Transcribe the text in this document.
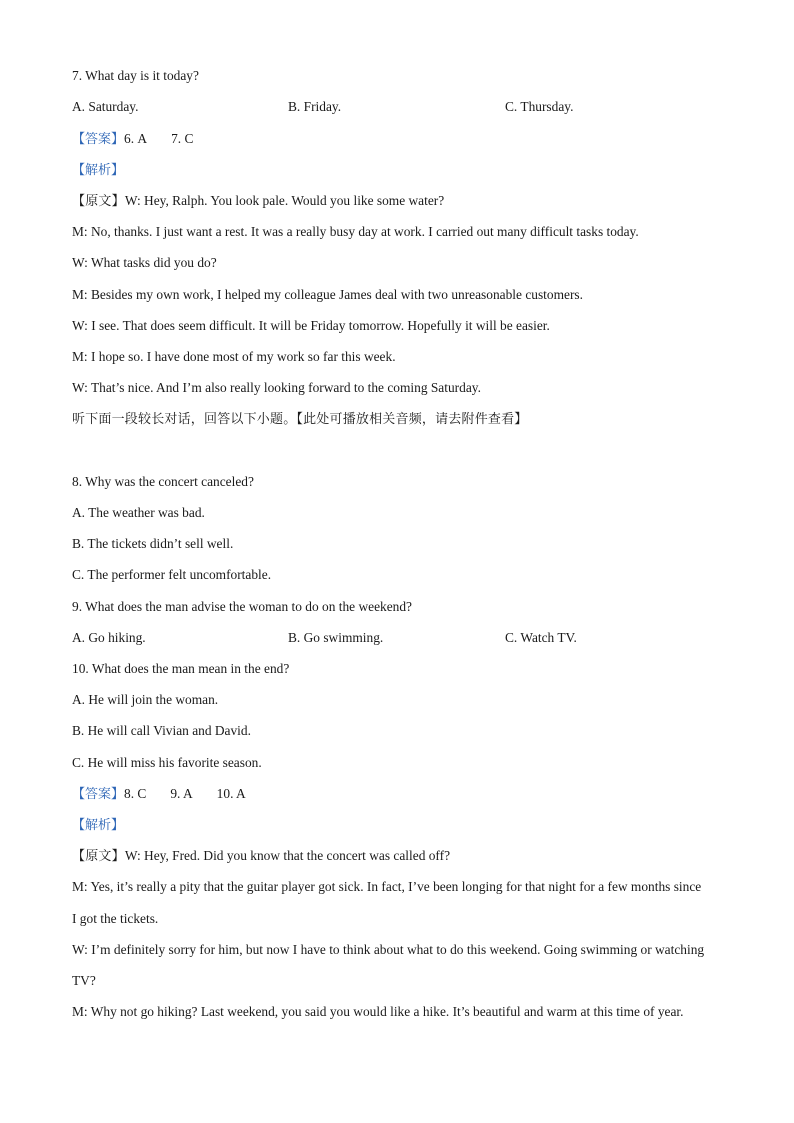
7. What day is it today?
A. Saturday.	B. Friday.	C. Thursday.
【答案】6. A 7. C
【解析】
【原文】W: Hey, Ralph. You look pale. Would you like some water?
M: No, thanks. I just want a rest. It was a really busy day at work. I carried out many difficult tasks today.
W: What tasks did you do?
M: Besides my own work, I helped my colleague James deal with two unreasonable customers.
W: I see. That does seem difficult. It will be Friday tomorrow. Hopefully it will be easier.
M: I hope so. I have done most of my work so far this week.
W: That’s nice. And I’m also really looking forward to the coming Saturday.
听下面一段较长对话，回答以下小题。【此处可播放相关音频，请去附件查看】
8. Why was the concert canceled?
A. The weather was bad.
B. The tickets didn’t sell well.
C. The performer felt uncomfortable.
9. What does the man advise the woman to do on the weekend?
A. Go hiking.	B. Go swimming.	C. Watch TV.
10. What does the man mean in the end?
A. He will join the woman.
B. He will call Vivian and David.
C. He will miss his favorite season.
【答案】8. C 9. A 10. A
【解析】
【原文】W: Hey, Fred. Did you know that the concert was called off?
M: Yes, it’s really a pity that the guitar player got sick. In fact, I’ve been longing for that night for a few months since
I got the tickets.
W: I’m definitely sorry for him, but now I have to think about what to do this weekend. Going swimming or watching
TV?
M: Why not go hiking? Last weekend, you said you would like a hike. It’s beautiful and warm at this time of year.
